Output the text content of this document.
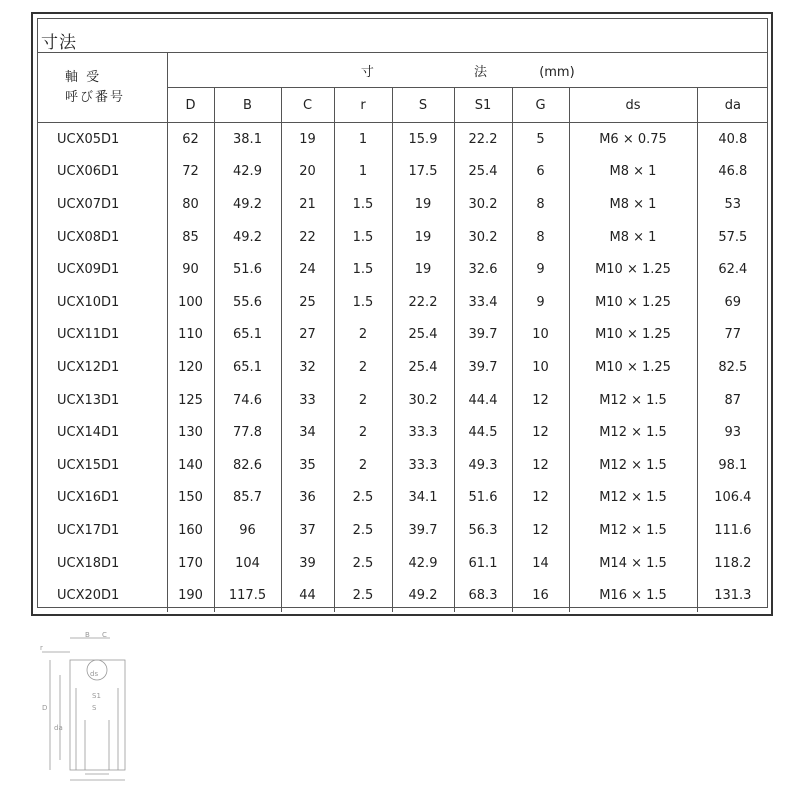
寸法
軸 受
呼び番号	寸 法 (mm)								
	D	B	C	r	S	S1	G	ds	da
UCX05D1	62	38.1	19	1	15.9	22.2	5	M6 × 0.75	40.8
UCX06D1	72	42.9	20	1	17.5	25.4	6	M8 × 1	46.8
UCX07D1	80	49.2	21	1.5	19	30.2	8	M8 × 1	53
UCX08D1	85	49.2	22	1.5	19	30.2	8	M8 × 1	57.5
UCX09D1	90	51.6	24	1.5	19	32.6	9	M10 × 1.25	62.4
UCX10D1	100	55.6	25	1.5	22.2	33.4	9	M10 × 1.25	69
UCX11D1	110	65.1	27	2	25.4	39.7	10	M10 × 1.25	77
UCX12D1	120	65.1	32	2	25.4	39.7	10	M10 × 1.25	82.5
UCX13D1	125	74.6	33	2	30.2	44.4	12	M12 × 1.5	87
UCX14D1	130	77.8	34	2	33.3	44.5	12	M12 × 1.5	93
UCX15D1	140	82.6	35	2	33.3	49.3	12	M12 × 1.5	98.1
UCX16D1	150	85.7	36	2.5	34.1	51.6	12	M12 × 1.5	106.4
UCX17D1	160	96	37	2.5	39.7	56.3	12	M12 × 1.5	111.6
UCX18D1	170	104	39	2.5	42.9	61.1	14	M14 × 1.5	118.2
UCX20D1	190	117.5	44	2.5	49.2	68.3	16	M16 × 1.5	131.3
B C
r
S
S1
ds
D
da
